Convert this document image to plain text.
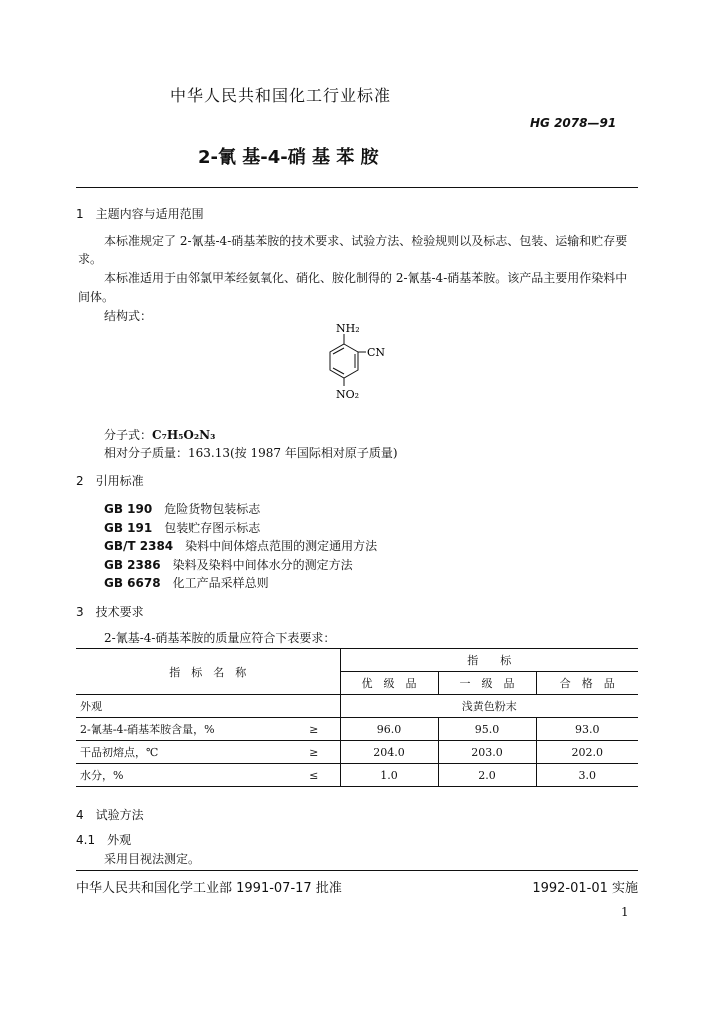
中华人民共和国化工行业标准
HG 2078—91
2-氰 基-4-硝 基 苯 胺
1　主题内容与适用范围
本标准规定了 2-氰基-4-硝基苯胺的技术要求、试验方法、检验规则以及标志、包装、运输和贮存要
求。
本标准适用于由邻氯甲苯经氨氧化、硝化、胺化制得的 2-氰基-4-硝基苯胺。该产品主要用作染料中
间体。
结构式：
NH₂
CN
NO₂
分子式：C₇H₅O₂N₃
相对分子质量：163.13(按 1987 年国际相对原子质量)
2　引用标准
GB 190　 危险货物包装标志
GB 191　 包装贮存图示标志
GB/T 2384　 染料中间体熔点范围的测定通用方法
GB 2386　 染料及染料中间体水分的测定方法
GB 6678　 化工产品采样总则
3　技术要求
2-氰基-4-硝基苯胺的质量应符合下表要求：
指　标　名　称		指　　标		
		优　级　品	一　级　品	合　格　品
外观		浅黄色粉末		
2-氰基-4-硝基苯胺含量，%	≥	96.0	95.0	93.0
干品初熔点，℃	≥	204.0	203.0	202.0
水分，%	≤	1.0	2.0	3.0
4　试验方法
4.1　外观
采用目视法测定。
中华人民共和国化学工业部 1991-07-17 批准	1992-01-01 实施
1
